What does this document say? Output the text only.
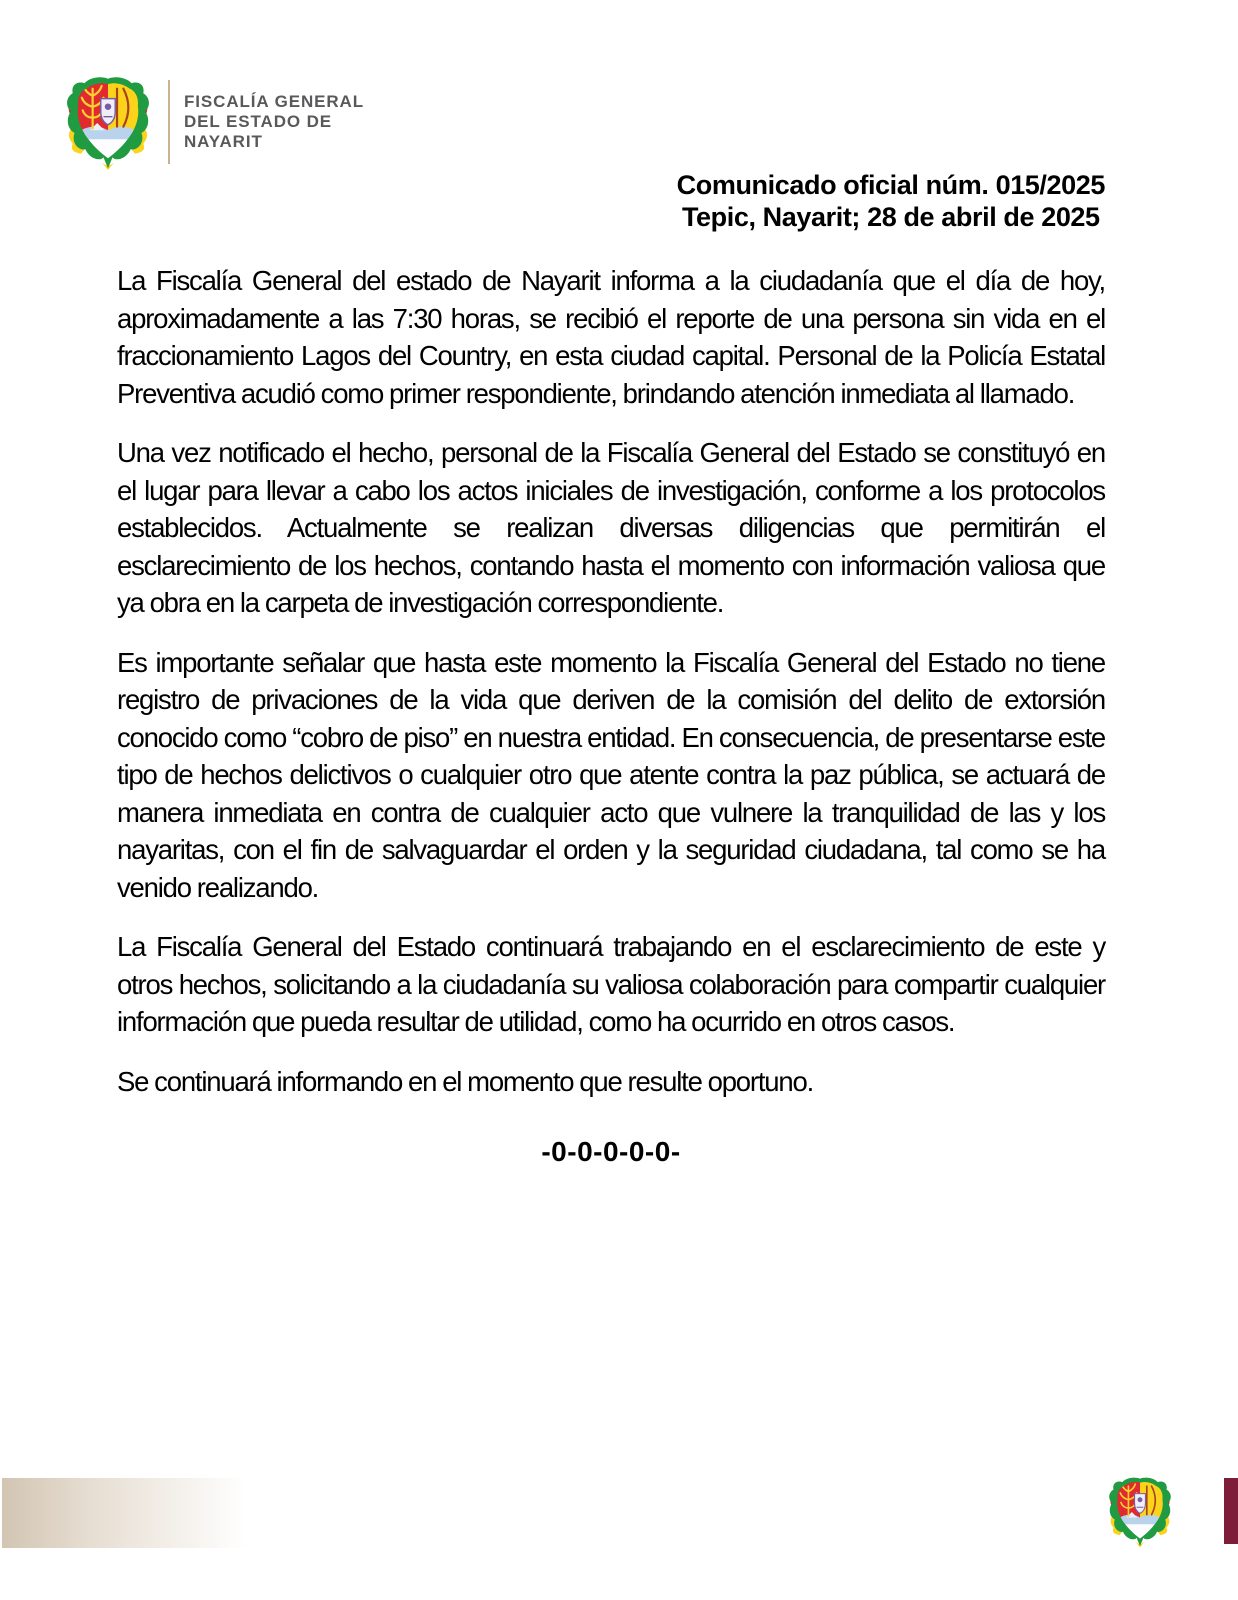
FISCALÍA GENERAL
DEL ESTADO DE
NAYARIT
Comunicado oficial núm. 015/2025
Tepic, Nayarit; 28 de abril de 2025

La Fiscalía General del estado de Nayarit informa a la ciudadanía que el día de hoy, aproximadamente a las 7:30 horas, se recibió el reporte de una persona sin vida en el fraccionamiento Lagos del Country, en esta ciudad capital. Personal de la Policía Estatal Preventiva acudió como primer respondiente, brindando atención inmediata al llamado.

Una vez notificado el hecho, personal de la Fiscalía General del Estado se constituyó en el lugar para llevar a cabo los actos iniciales de investigación, conforme a los protocolos establecidos. Actualmente se realizan diversas diligencias que permitirán el esclarecimiento de los hechos, contando hasta el momento con información valiosa que ya obra en la carpeta de investigación correspondiente.

Es importante señalar que hasta este momento la Fiscalía General del Estado no tiene registro de privaciones de la vida que deriven de la comisión del delito de extorsión conocido como “cobro de piso” en nuestra entidad. En consecuencia, de presentarse este tipo de hechos delictivos o cualquier otro que atente contra la paz pública, se actuará de manera inmediata en contra de cualquier acto que vulnere la tranquilidad de las y los nayaritas, con el fin de salvaguardar el orden y la seguridad ciudadana, tal como se ha venido realizando.

La Fiscalía General del Estado continuará trabajando en el esclarecimiento de este y otros hechos, solicitando a la ciudadanía su valiosa colaboración para compartir cualquier información que pueda resultar de utilidad, como ha ocurrido en otros casos.

Se continuará informando en el momento que resulte oportuno.

-0-0-0-0-0-
